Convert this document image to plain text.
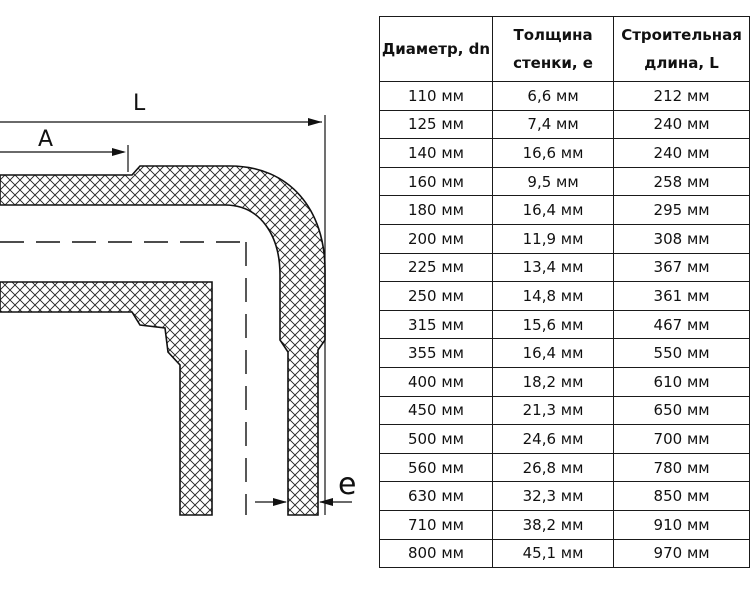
L
A
e
Диаметр, dn	Толщина стенки, е	Строительная длина, L
110 мм	6,6 мм	212 мм
125 мм	7,4 мм	240 мм
140 мм	16,6 мм	240 мм
160 мм	9,5 мм	258 мм
180 мм	16,4 мм	295 мм
200 мм	11,9 мм	308 мм
225 мм	13,4 мм	367 мм
250 мм	14,8 мм	361 мм
315 мм	15,6 мм	467 мм
355 мм	16,4 мм	550 мм
400 мм	18,2 мм	610 мм
450 мм	21,3 мм	650 мм
500 мм	24,6 мм	700 мм
560 мм	26,8 мм	780 мм
630 мм	32,3 мм	850 мм
710 мм	38,2 мм	910 мм
800 мм	45,1 мм	970 мм
